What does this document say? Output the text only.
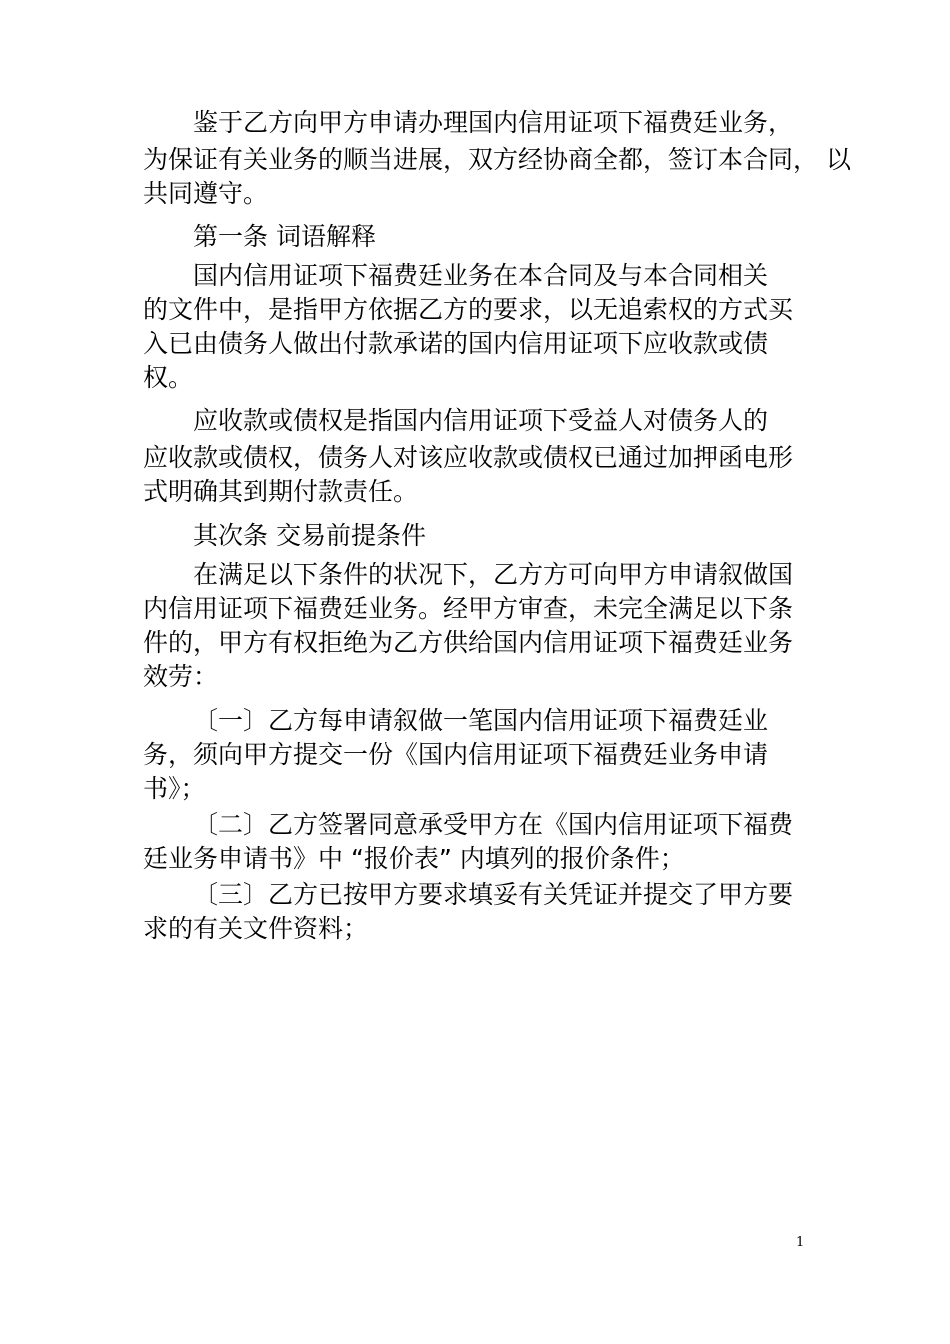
鉴于乙方向甲方申请办理国内信用证项下福费廷业务，

为保证有关业务的顺当进展，双方经协商全都，签订本合同， 以

共同遵守。

第一条 词语解释

国内信用证项下福费廷业务在本合同及与本合同相关

的文件中，是指甲方依据乙方的要求，以无追索权的方式买

入已由债务人做出付款承诺的国内信用证项下应收款或债

权。

应收款或债权是指国内信用证项下受益人对债务人的

应收款或债权，债务人对该应收款或债权已通过加押函电形

式明确其到期付款责任。

其次条 交易前提条件

在满足以下条件的状况下，乙方方可向甲方申请叙做国

内信用证项下福费廷业务。经甲方审查，未完全满足以下条

件的，甲方有权拒绝为乙方供给国内信用证项下福费廷业务

效劳：

〔一〕乙方每申请叙做一笔国内信用证项下福费廷业

务，须向甲方提交一份《国内信用证项下福费廷业务申请

书》；

〔二〕乙方签署同意承受甲方在《国内信用证项下福费

廷业务申请书》中 “报价表” 内填列的报价条件；

〔三〕乙方已按甲方要求填妥有关凭证并提交了甲方要

求的有关文件资料；

1
